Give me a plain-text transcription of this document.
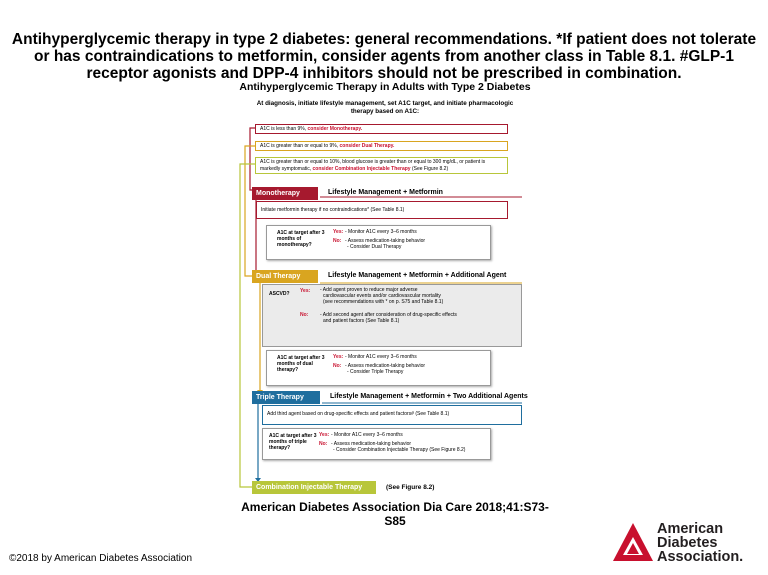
Antihyperglycemic therapy in type 2 diabetes: general recommendations. *If patient does not tolerate or has contraindications to metformin, consider agents from another class in Table 8.1. #GLP-1 receptor agonists and DPP-4 inhibitors should not be prescribed in combination.
Antihyperglycemic Therapy in Adults with Type 2 Diabetes
At diagnosis, initiate lifestyle management, set A1C target, and initiate pharmacologic therapy based on A1C:
A1C is less than 9%, consider Monotherapy.
A1C is greater than or equal to 9%, consider Dual Therapy.
A1C is greater than or equal to 10%, blood glucose is greater than or equal to 300 mg/dL, or patient is markedly symptomatic, consider Combination Injectable Therapy (See Figure 8.2)
Monotherapy	Lifestyle Management + Metformin
Initiate metformin therapy if no contraindications* (See Table 8.1)
A1C at target after 3 months of monotherapy?
Yes: - Monitor A1C every 3–6 months
No: - Assess medication-taking behavior
- Consider Dual Therapy
Dual Therapy	Lifestyle Management + Metformin + Additional Agent
ASCVD? Yes: - Add agent proven to reduce major adverse
cardiovascular events and/or cardiovascular mortality
(see recommendations with * on p. S75 and Table 8.1)
No: - Add second agent after consideration of drug-specific effects
and patient factors (See Table 8.1)
A1C at target after 3 months of dual therapy?
Yes: - Monitor A1C every 3–6 months
No: - Assess medication-taking behavior
- Consider Triple Therapy
Triple Therapy	Lifestyle Management + Metformin + Two Additional Agents
Add third agent based on drug-specific effects and patient factors# (See Table 8.1)
A1C at target after 3 months of triple therapy?
Yes: - Monitor A1C every 3–6 months
No: - Assess medication-taking behavior
- Consider Combination Injectable Therapy (See Figure 8.2)
Combination Injectable Therapy	(See Figure 8.2)
American Diabetes Association Dia Care 2018;41:S73-S85
©2018 by American Diabetes Association
American
Diabetes
Association.
